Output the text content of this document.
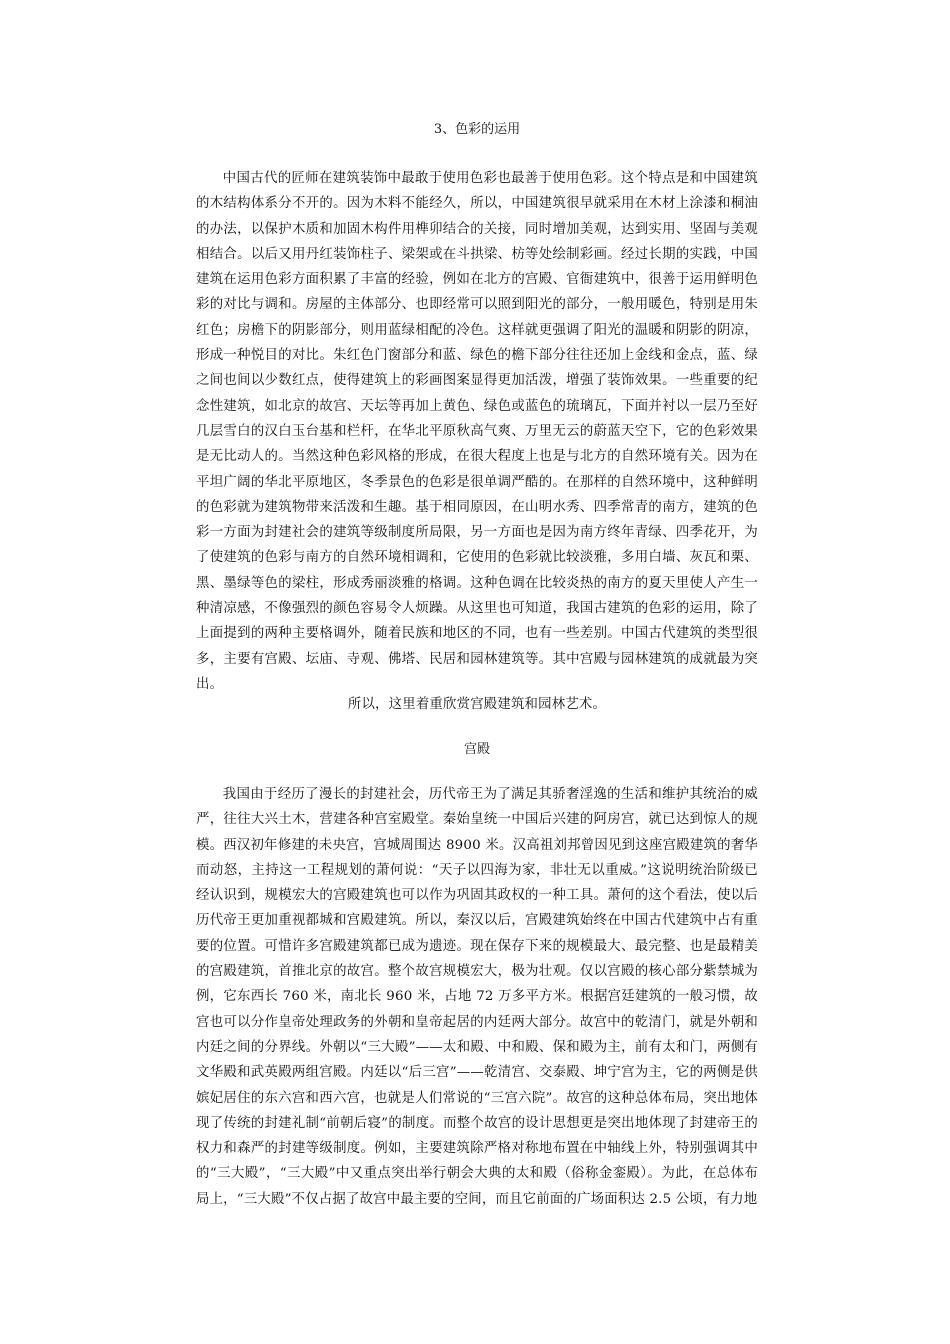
3、色彩的运用

中国古代的匠师在建筑装饰中最敢于使用色彩也最善于使用色彩。这个特点是和中国建筑的木结构体系分不开的。因为木料不能经久，所以，中国建筑很早就采用在木材上涂漆和桐油的办法，以保护木质和加固木构件用榫卯结合的关接，同时增加美观，达到实用、坚固与美观相结合。以后又用丹红装饰柱子、梁架或在斗拱梁、枋等处绘制彩画。经过长期的实践，中国建筑在运用色彩方面积累了丰富的经验，例如在北方的宫殿、官衙建筑中，很善于运用鲜明色彩的对比与调和。房屋的主体部分、也即经常可以照到阳光的部分，一般用暖色，特别是用朱红色；房檐下的阴影部分，则用蓝绿相配的冷色。这样就更强调了阳光的温暖和阴影的阴凉，形成一种悦目的对比。朱红色门窗部分和蓝、绿色的檐下部分往往还加上金线和金点，蓝、绿之间也间以少数红点，使得建筑上的彩画图案显得更加活泼，增强了装饰效果。一些重要的纪念性建筑，如北京的故宫、天坛等再加上黄色、绿色或蓝色的琉璃瓦，下面并衬以一层乃至好几层雪白的汉白玉台基和栏杆，在华北平原秋高气爽、万里无云的蔚蓝天空下，它的色彩效果是无比动人的。当然这种色彩风格的形成，在很大程度上也是与北方的自然环境有关。因为在平坦广阔的华北平原地区，冬季景色的色彩是很单调严酷的。在那样的自然环境中，这种鲜明的色彩就为建筑物带来活泼和生趣。基于相同原因，在山明水秀、四季常青的南方，建筑的色彩一方面为封建社会的建筑等级制度所局限，另一方面也是因为南方终年青绿、四季花开，为了使建筑的色彩与南方的自然环境相调和，它使用的色彩就比较淡雅，多用白墙、灰瓦和栗、黑、墨绿等色的梁柱，形成秀丽淡雅的格调。这种色调在比较炎热的南方的夏天里使人产生一种清凉感，不像强烈的颜色容易令人烦躁。从这里也可知道，我国古建筑的色彩的运用，除了上面提到的两种主要格调外，随着民族和地区的不同，也有一些差别。中国古代建筑的类型很多，主要有宫殿、坛庙、寺观、佛塔、民居和园林建筑等。其中宫殿与园林建筑的成就最为突出。

所以，这里着重欣赏宫殿建筑和园林艺术。

宫殿

我国由于经历了漫长的封建社会，历代帝王为了满足其骄奢淫逸的生活和维护其统治的威严，往往大兴土木，营建各种宫室殿堂。秦始皇统一中国后兴建的阿房宫，就已达到惊人的规模。西汉初年修建的未央宫，宫城周围达 8900 米。汉高祖刘邦曾因见到这座宫殿建筑的奢华而动怒，主持这一工程规划的萧何说：“天子以四海为家，非壮无以重威。”这说明统治阶级已经认识到，规模宏大的宫殿建筑也可以作为巩固其政权的一种工具。萧何的这个看法，使以后历代帝王更加重视都城和宫殿建筑。所以，秦汉以后，宫殿建筑始终在中国古代建筑中占有重要的位置。可惜许多宫殿建筑都已成为遗迹。现在保存下来的规模最大、最完整、也是最精美的宫殿建筑，首推北京的故宫。整个故宫规模宏大，极为壮观。仅以宫殿的核心部分紫禁城为例，它东西长 760 米，南北长 960 米，占地 72 万多平方米。根据宫廷建筑的一般习惯，故宫也可以分作皇帝处理政务的外朝和皇帝起居的内廷两大部分。故宫中的乾清门，就是外朝和内廷之间的分界线。外朝以“三大殿”——太和殿、中和殿、保和殿为主，前有太和门，两侧有文华殿和武英殿两组宫殿。内廷以“后三宫”——乾清宫、交泰殿、坤宁宫为主，它的两侧是供嫔妃居住的东六宫和西六宫，也就是人们常说的“三宫六院”。故宫的这种总体布局，突出地体现了传统的封建礼制“前朝后寝”的制度。而整个故宫的设计思想更是突出地体现了封建帝王的权力和森严的封建等级制度。例如，主要建筑除严格对称地布置在中轴线上外，特别强调其中的“三大殿”，“三大殿”中又重点突出举行朝会大典的太和殿（俗称金銮殿）。为此，在总体布局上，“三大殿”不仅占据了故宫中最主要的空间，而且它前面的广场面积达 2.5 公顷，有力地
